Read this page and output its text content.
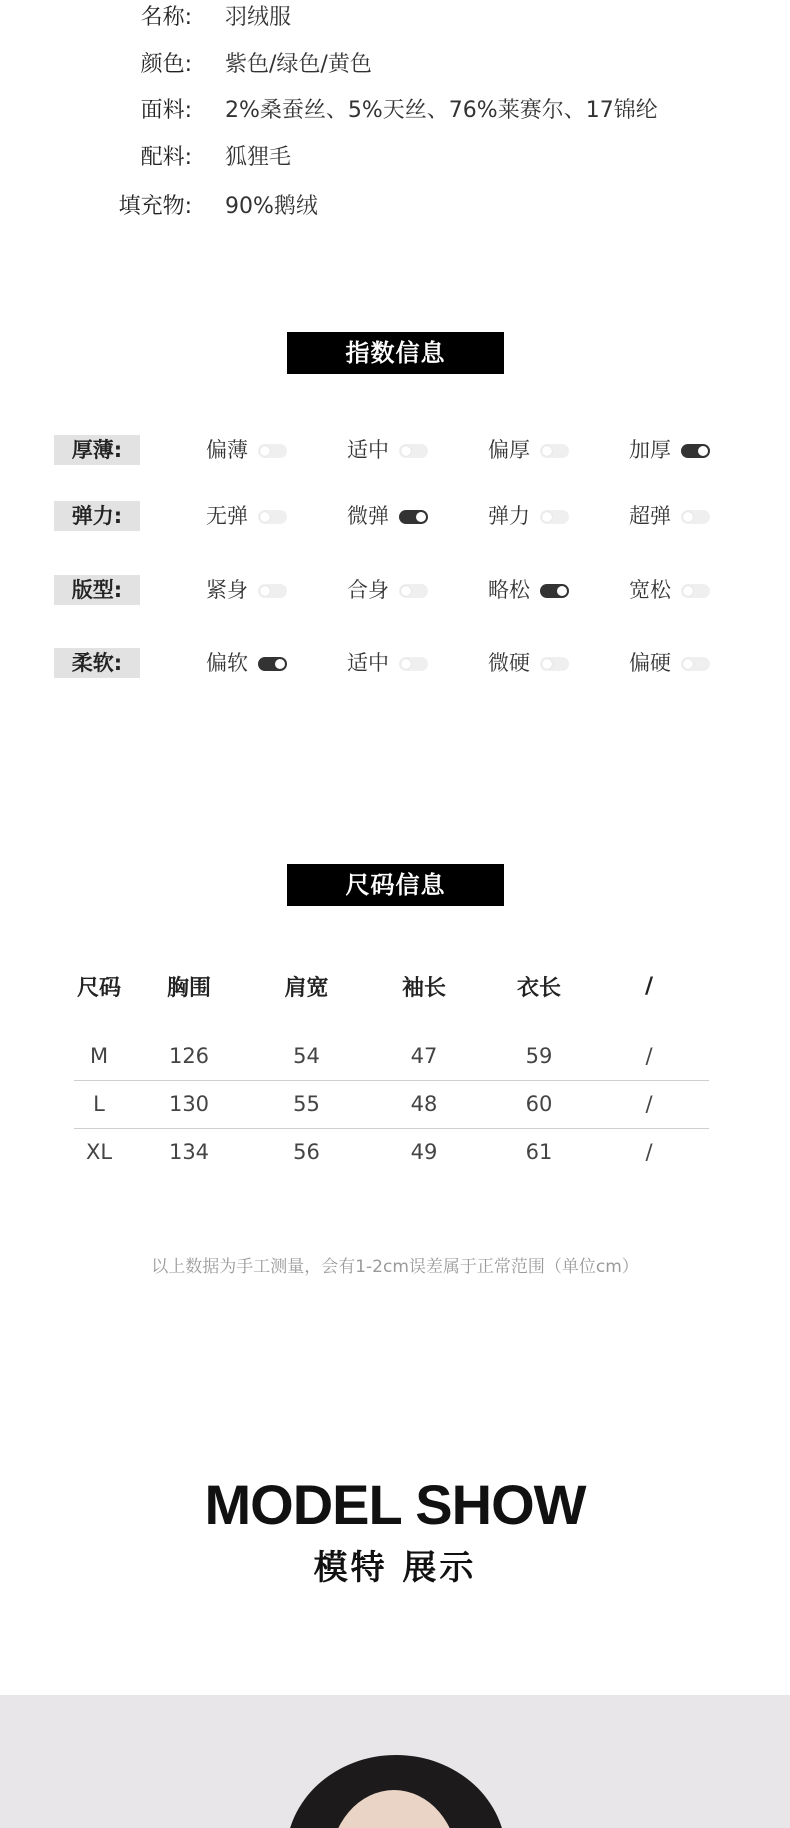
名称: 羽绒服
颜色: 紫色/绿色/黄色
面料: 2%桑蚕丝、5%天丝、76%莱赛尔、17锦纶
配料: 狐狸毛
填充物: 90%鹅绒
指数信息
厚薄:	偏薄	适中	偏厚	加厚
弹力:	无弹	微弹	弹力	超弹
版型:	紧身	合身	略松	宽松
柔软:	偏软	适中	微硬	偏硬
尺码信息
尺码	胸围	肩宽	袖长	衣长	/

M	126	54	47	59	/
L	130	55	48	60	/
XL	134	56	49	61	/
以上数据为手工测量，会有1-2cm误差属于正常范围（单位cm）
MODEL SHOW
模特 展示
